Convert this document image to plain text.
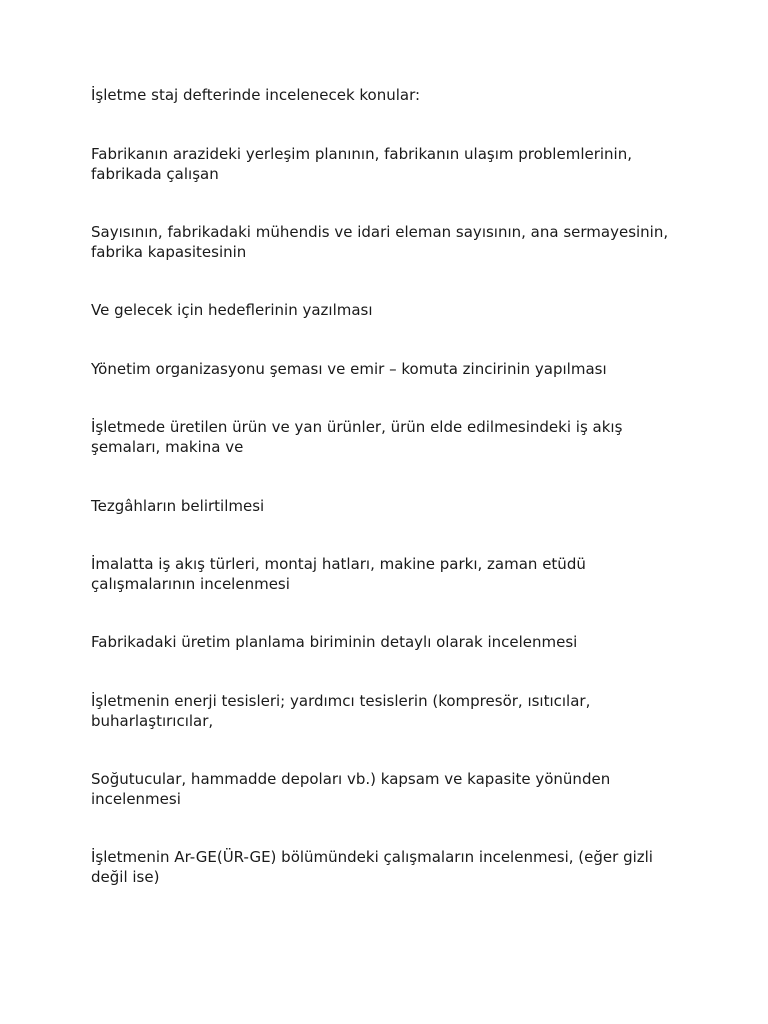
İşletme staj defterinde incelenecek konular:

Fabrikanın arazideki yerleşim planının, fabrikanın ulaşım problemlerinin, fabrikada çalışan

Sayısının, fabrikadaki mühendis ve idari eleman sayısının, ana sermayesinin, fabrika kapasitesinin

Ve gelecek için hedeflerinin yazılması

Yönetim organizasyonu şeması ve emir – komuta zincirinin yapılması

İşletmede üretilen ürün ve yan ürünler, ürün elde edilmesindeki iş akış şemaları, makina ve

Tezgâhların belirtilmesi

İmalatta iş akış türleri, montaj hatları, makine parkı, zaman etüdü çalışmalarının incelenmesi

Fabrikadaki üretim planlama biriminin detaylı olarak incelenmesi

İşletmenin enerji tesisleri; yardımcı tesislerin (kompresör, ısıtıcılar, buharlaştırıcılar,

Soğutucular, hammadde depoları vb.) kapsam ve kapasite yönünden incelenmesi

İşletmenin Ar-GE(ÜR-GE) bölümündeki çalışmaların incelenmesi, (eğer gizli değil ise)
